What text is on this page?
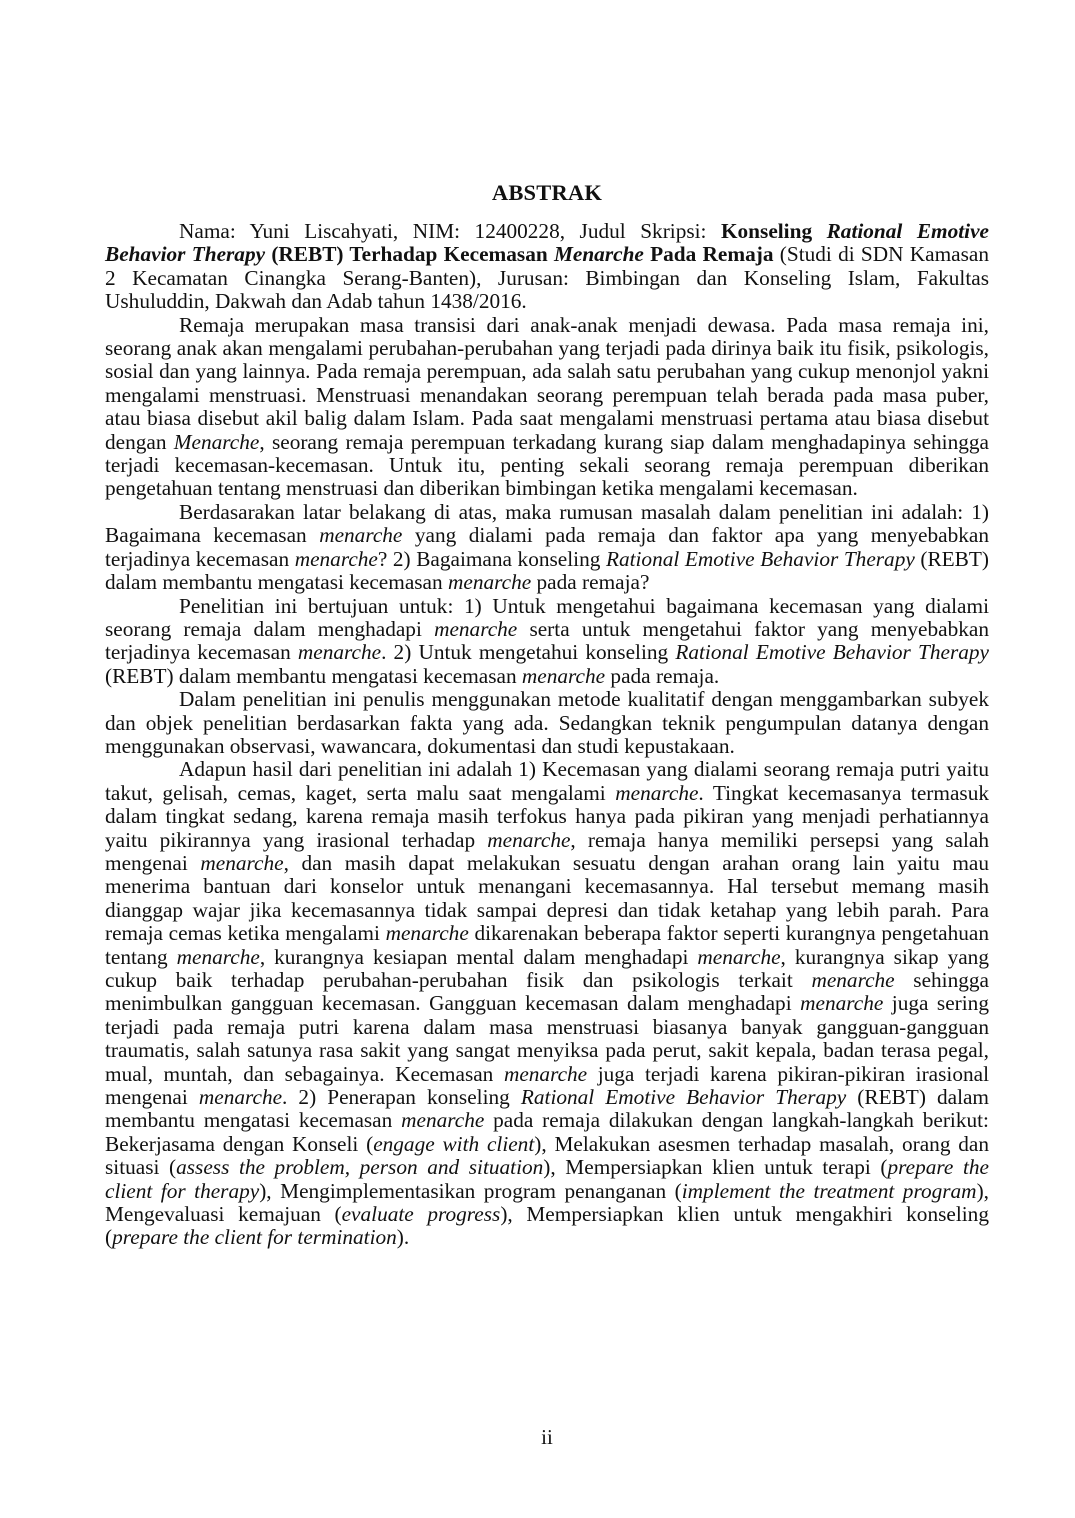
ABSTRAK

Nama: Yuni Liscahyati, NIM: 12400228, Judul Skripsi: Konseling Rational Emotive Behavior Therapy (REBT) Terhadap Kecemasan Menarche Pada Remaja (Studi di SDN Kamasan 2 Kecamatan Cinangka Serang-Banten), Jurusan: Bimbingan dan Konseling Islam, Fakultas Ushuluddin, Dakwah dan Adab tahun 1438/2016.

Remaja merupakan masa transisi dari anak-anak menjadi dewasa. Pada masa remaja ini, seorang anak akan mengalami perubahan-perubahan yang terjadi pada dirinya baik itu fisik, psikologis, sosial dan yang lainnya. Pada remaja perempuan, ada salah satu perubahan yang cukup menonjol yakni mengalami menstruasi. Menstruasi menandakan seorang perempuan telah berada pada masa puber, atau biasa disebut akil balig dalam Islam. Pada saat mengalami menstruasi pertama atau biasa disebut dengan Menarche, seorang remaja perempuan terkadang kurang siap dalam menghadapinya sehingga terjadi kecemasan-kecemasan. Untuk itu, penting sekali seorang remaja perempuan diberikan pengetahuan tentang menstruasi dan diberikan bimbingan ketika mengalami kecemasan.

Berdasarakan latar belakang di atas, maka rumusan masalah dalam penelitian ini adalah: 1) Bagaimana kecemasan menarche yang dialami pada remaja dan faktor apa yang menyebabkan terjadinya kecemasan menarche? 2) Bagaimana konseling Rational Emotive Behavior Therapy (REBT) dalam membantu mengatasi kecemasan menarche pada remaja?

Penelitian ini bertujuan untuk: 1) Untuk mengetahui bagaimana kecemasan yang dialami seorang remaja dalam menghadapi menarche serta untuk mengetahui faktor yang menyebabkan terjadinya kecemasan menarche. 2) Untuk mengetahui konseling Rational Emotive Behavior Therapy (REBT) dalam membantu mengatasi kecemasan menarche pada remaja.

Dalam penelitian ini penulis menggunakan metode kualitatif dengan menggambarkan subyek dan objek penelitian berdasarkan fakta yang ada. Sedangkan teknik pengumpulan datanya dengan menggunakan observasi, wawancara, dokumentasi dan studi kepustakaan.

Adapun hasil dari penelitian ini adalah 1) Kecemasan yang dialami seorang remaja putri yaitu takut, gelisah, cemas, kaget, serta malu saat mengalami menarche. Tingkat kecemasanya termasuk dalam tingkat sedang, karena remaja masih terfokus hanya pada pikiran yang menjadi perhatiannya yaitu pikirannya yang irasional terhadap menarche, remaja hanya memiliki persepsi yang salah mengenai menarche, dan masih dapat melakukan sesuatu dengan arahan orang lain yaitu mau menerima bantuan dari konselor untuk menangani kecemasannya. Hal tersebut memang masih dianggap wajar jika kecemasannya tidak sampai depresi dan tidak ketahap yang lebih parah. Para remaja cemas ketika mengalami menarche dikarenakan beberapa faktor seperti kurangnya pengetahuan tentang menarche, kurangnya kesiapan mental dalam menghadapi menarche, kurangnya sikap yang cukup baik terhadap perubahan-perubahan fisik dan psikologis terkait menarche sehingga menimbulkan gangguan kecemasan. Gangguan kecemasan dalam menghadapi menarche juga sering terjadi pada remaja putri karena dalam masa menstruasi biasanya banyak gangguan-gangguan traumatis, salah satunya rasa sakit yang sangat menyiksa pada perut, sakit kepala, badan terasa pegal, mual, muntah, dan sebagainya. Kecemasan menarche juga terjadi karena pikiran-pikiran irasional mengenai menarche. 2) Penerapan konseling Rational Emotive Behavior Therapy (REBT) dalam membantu mengatasi kecemasan menarche pada remaja dilakukan dengan langkah-langkah berikut: Bekerjasama dengan Konseli (engage with client), Melakukan asesmen terhadap masalah, orang dan situasi (assess the problem, person and situation), Mempersiapkan klien untuk terapi (prepare the client for therapy), Mengimplementasikan program penanganan (implement the treatment program), Mengevaluasi kemajuan (evaluate progress), Mempersiapkan klien untuk mengakhiri konseling (prepare the client for termination).

ii
